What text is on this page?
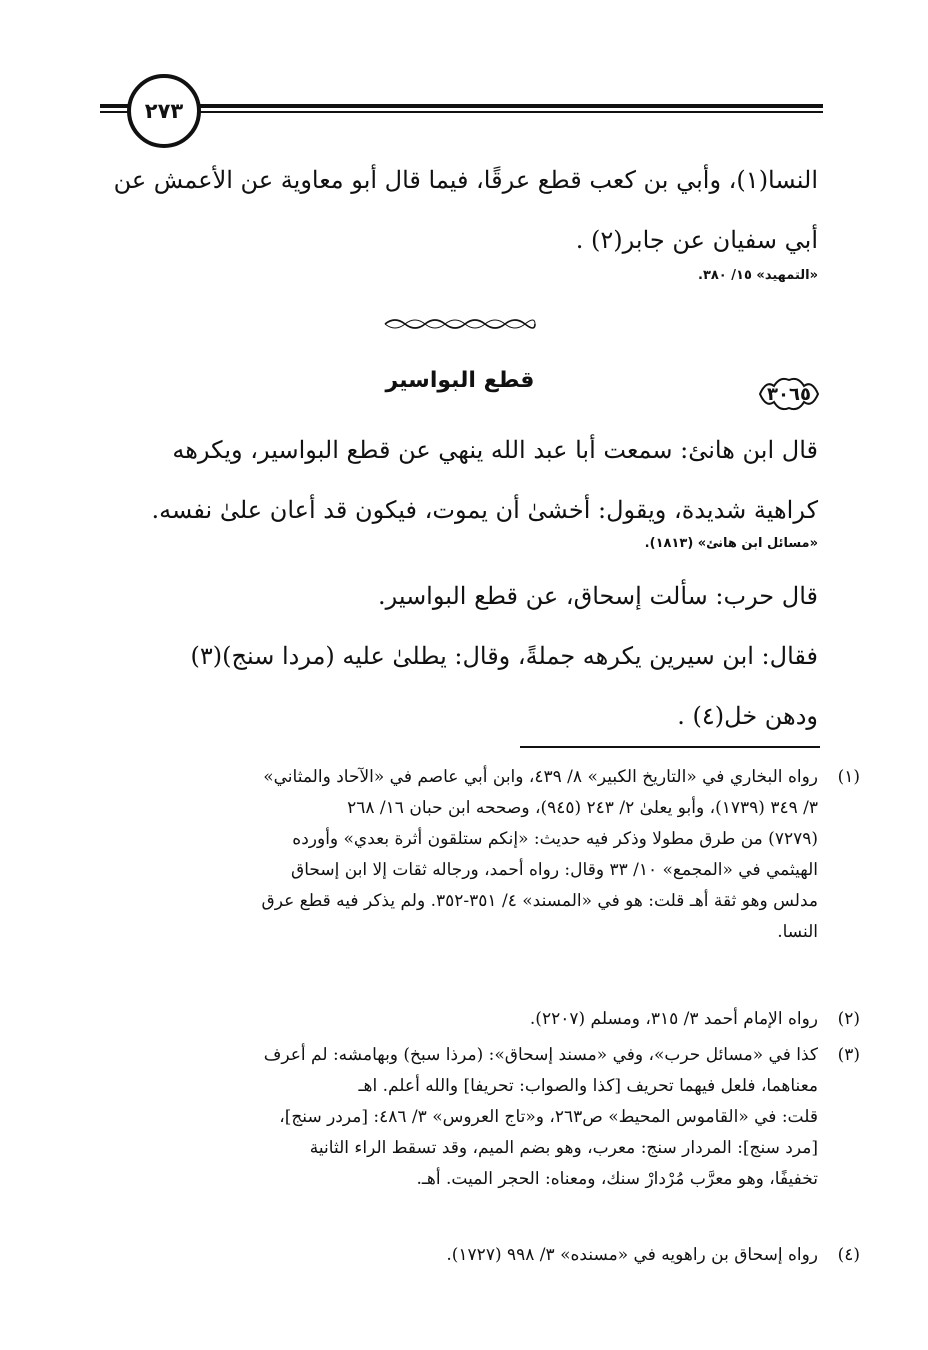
٢٧٣
النسا(١)، وأبي بن كعب قطع عرقًا، فيما قال أبو معاوية عن الأعمش عن
أبي سفيان عن جابر(٢) .
«التمهيد» ١٥/ ٣٨٠.
٣٠٦٥
قطع البواسير
قال ابن هانئ: سمعت أبا عبد الله ينهي عن قطع البواسير، ويكرهه
كراهية شديدة، ويقول: أخشىٰ أن يموت، فيكون قد أعان علىٰ نفسه.
«مسائل ابن هانئ» (١٨١٣).
قال حرب: سألت إسحاق، عن قطع البواسير.
فقال: ابن سيرين يكرهه جملةً، وقال: يطلىٰ عليه (مردا سنج)(٣)
ودهن خل(٤) .
(١)
رواه البخاري في «التاريخ الكبير» ٨/ ٤٣٩، وابن أبي عاصم في «الآحاد والمثاني»
٣/ ٣٤٩ (١٧٣٩)، وأبو يعلىٰ ٢/ ٢٤٣ (٩٤٥)، وصححه ابن حبان ١٦/ ٢٦٨
(٧٢٧٩) من طرق مطولا وذكر فيه حديث: «إنكم ستلقون أثرة بعدي» وأورده
الهيثمي في «المجمع» ١٠/ ٣٣ وقال: رواه أحمد، ورجاله ثقات إلا ابن إسحاق
مدلس وهو ثقة أهـ قلت: هو في «المسند» ٤/ ٣٥١-٣٥٢. ولم يذكر فيه قطع عرق
النسا.
(٢)
رواه الإمام أحمد ٣/ ٣١٥، ومسلم (٢٢٠٧).
(٣)
كذا في «مسائل حرب»، وفي «مسند إسحاق»: (مرذا سبخ) وبهامشه: لم أعرف
معناهما، فلعل فيهما تحريف [كذا والصواب: تحريفا] والله أعلم. اهـ
قلت: في «القاموس المحيط» ص٢٦٣، و«تاج العروس» ٣/ ٤٨٦: [مردر سنج]،
[مرد سنج]: المردار سنج: معرب، وهو بضم الميم، وقد تسقط الراء الثانية
تخفيفًا، وهو معرَّب مُرْدارْ سنك، ومعناه: الحجر الميت. أهـ.
(٤)
رواه إسحاق بن راهويه في «مسنده» ٣/ ٩٩٨ (١٧٢٧).
